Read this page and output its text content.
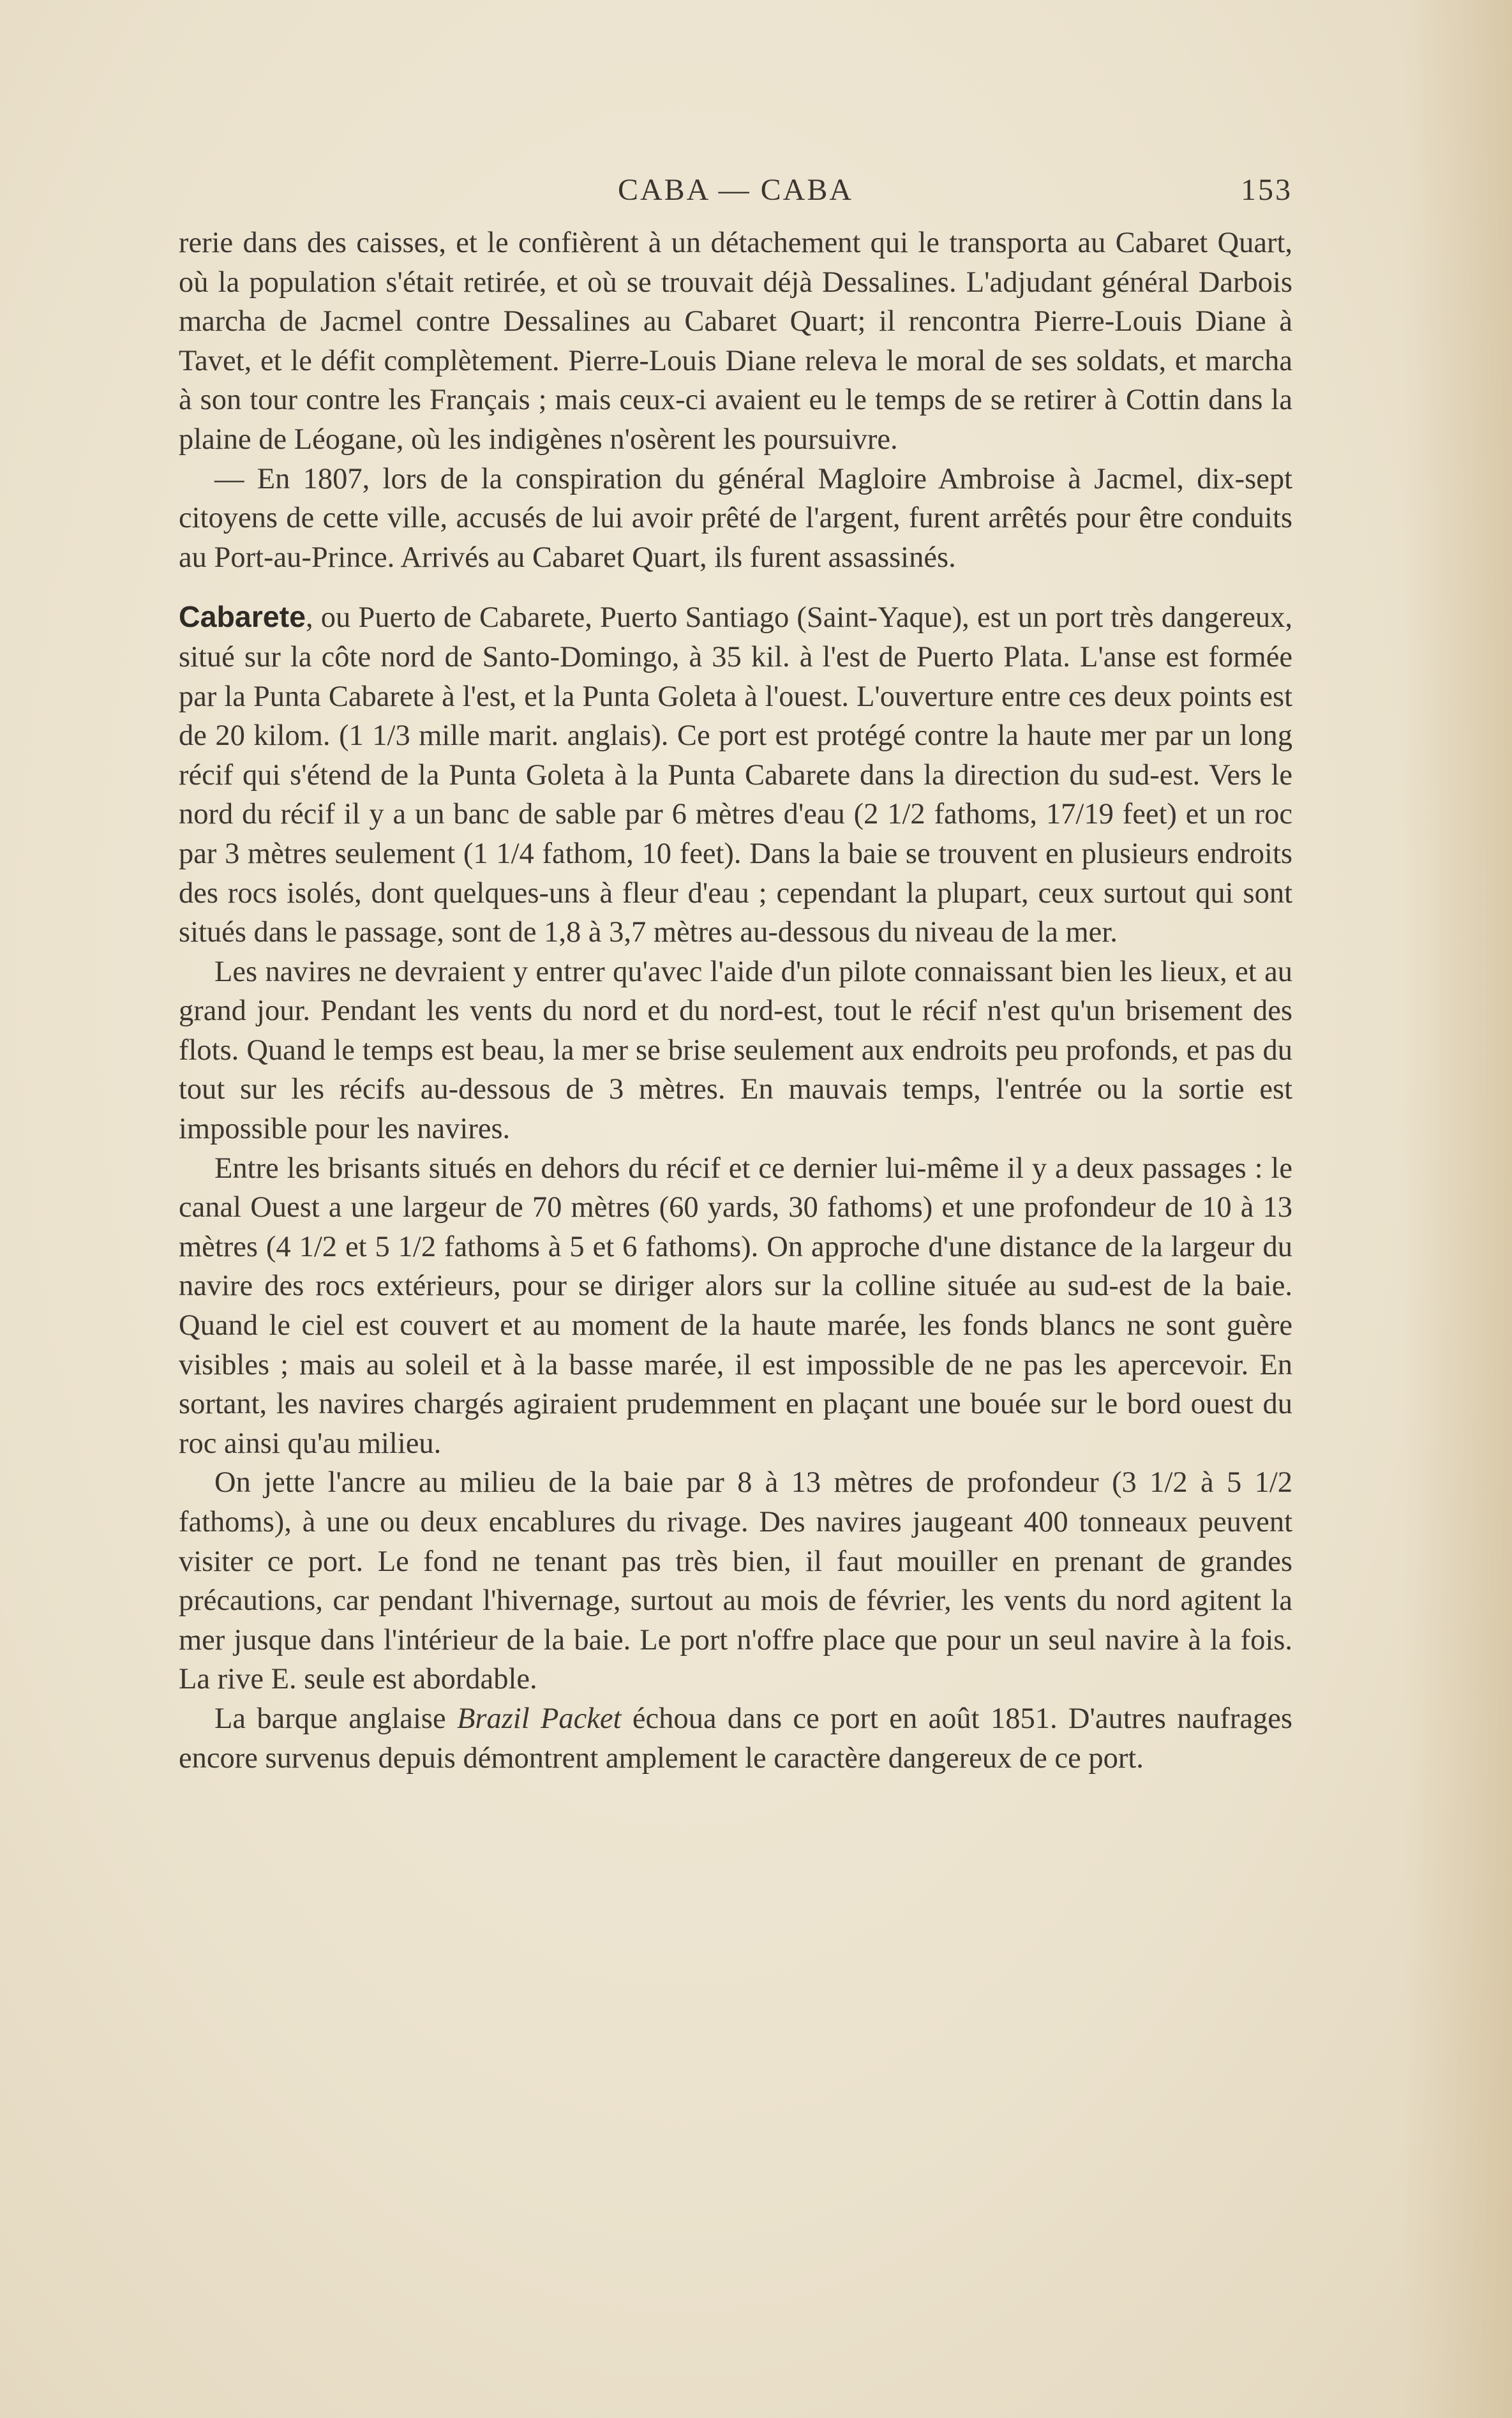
CABA — CABA	153

rerie dans des caisses, et le confièrent à un détachement qui le transporta au Cabaret Quart, où la population s'était retirée, et où se trouvait déjà Dessalines. L'adjudant général Darbois marcha de Jacmel contre Dessalines au Cabaret Quart; il rencontra Pierre-Louis Diane à Tavet, et le défit complètement. Pierre-Louis Diane releva le moral de ses soldats, et marcha à son tour contre les Français ; mais ceux-ci avaient eu le temps de se retirer à Cottin dans la plaine de Léogane, où les indigènes n'osèrent les poursuivre.

— En 1807, lors de la conspiration du général Magloire Ambroise à Jacmel, dix-sept citoyens de cette ville, accusés de lui avoir prêté de l'argent, furent arrêtés pour être conduits au Port-au-Prince. Arrivés au Cabaret Quart, ils furent assassinés.

Cabarete, ou Puerto de Cabarete, Puerto Santiago (Saint-Yaque), est un port très dangereux, situé sur la côte nord de Santo-Domingo, à 35 kil. à l'est de Puerto Plata. L'anse est formée par la Punta Cabarete à l'est, et la Punta Goleta à l'ouest. L'ouverture entre ces deux points est de 20 kilom. (1 1/3 mille marit. anglais). Ce port est protégé contre la haute mer par un long récif qui s'étend de la Punta Goleta à la Punta Cabarete dans la direction du sud-est. Vers le nord du récif il y a un banc de sable par 6 mètres d'eau (2 1/2 fathoms, 17/19 feet) et un roc par 3 mètres seulement (1 1/4 fathom, 10 feet). Dans la baie se trouvent en plusieurs endroits des rocs isolés, dont quelques-uns à fleur d'eau ; cependant la plupart, ceux surtout qui sont situés dans le passage, sont de 1,8 à 3,7 mètres au-dessous du niveau de la mer.

Les navires ne devraient y entrer qu'avec l'aide d'un pilote connaissant bien les lieux, et au grand jour. Pendant les vents du nord et du nord-est, tout le récif n'est qu'un brisement des flots. Quand le temps est beau, la mer se brise seulement aux endroits peu profonds, et pas du tout sur les récifs au-dessous de 3 mètres. En mauvais temps, l'entrée ou la sortie est impossible pour les navires.

Entre les brisants situés en dehors du récif et ce dernier lui-même il y a deux passages : le canal Ouest a une largeur de 70 mètres (60 yards, 30 fathoms) et une profondeur de 10 à 13 mètres (4 1/2 et 5 1/2 fathoms à 5 et 6 fathoms). On approche d'une distance de la largeur du navire des rocs extérieurs, pour se diriger alors sur la colline située au sud-est de la baie. Quand le ciel est couvert et au moment de la haute marée, les fonds blancs ne sont guère visibles ; mais au soleil et à la basse marée, il est impossible de ne pas les apercevoir. En sortant, les navires chargés agiraient prudemment en plaçant une bouée sur le bord ouest du roc ainsi qu'au milieu.

On jette l'ancre au milieu de la baie par 8 à 13 mètres de profondeur (3 1/2 à 5 1/2 fathoms), à une ou deux encablures du rivage. Des navires jaugeant 400 tonneaux peuvent visiter ce port. Le fond ne tenant pas très bien, il faut mouiller en prenant de grandes précautions, car pendant l'hivernage, surtout au mois de février, les vents du nord agitent la mer jusque dans l'intérieur de la baie. Le port n'offre place que pour un seul navire à la fois. La rive E. seule est abordable.

La barque anglaise Brazil Packet échoua dans ce port en août 1851. D'autres naufrages encore survenus depuis démontrent amplement le caractère dangereux de ce port.
